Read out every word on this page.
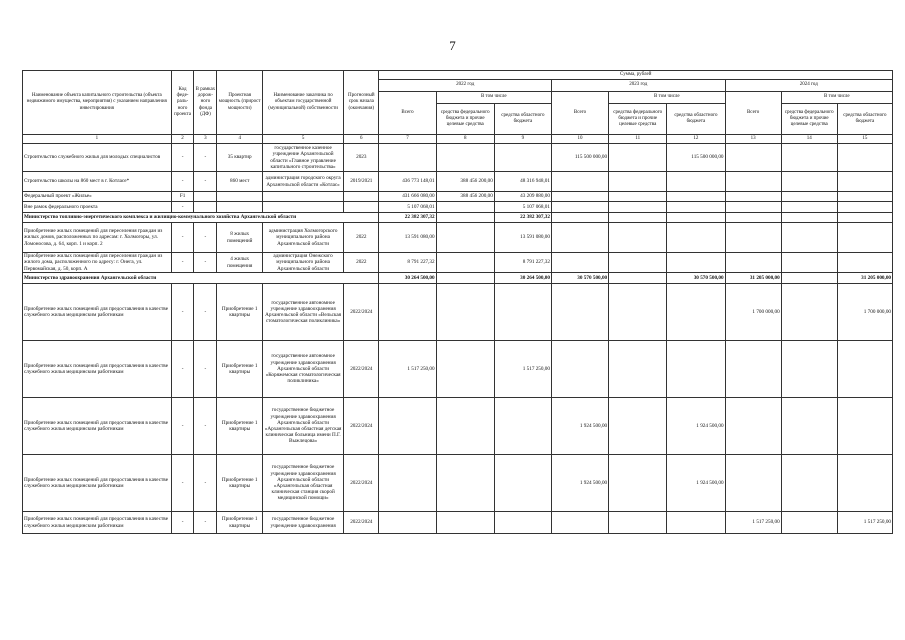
7
Наименование объекта капитального строительства (объекта недвижимого имущества, мероприятия) с указанием направления инвестирования	Код феде-раль-ного проекта	В рамках дорож-ного фонда (ДФ)	Проектная мощность (прирост мощности)	Наименование заказчика по объектам государственной (муниципальной) собственности	Прогнозный срок начала (окончания)	Сумма, рублей								
						2022 год			2023 год			2024 год		
						Всего	В том числе		Всего	В том числе		Всего	В том числе	
							средства федерального бюджета и прочие целевые средства	средства областного бюджета		средства федерального бюджета и прочие целевые средства	средства областного бюджета		средства федерального бюджета и прочие целевые средства	средства областного бюджета
1	2	3	4	5	6	7	8	9	10	11	12	13	14	15
Строительство служебного жилья для молодых специалистов	-	-	35 квартир	государственное казенное учреждение Архангельской области «Главное управление капитального строительства»	2023				115 500 000,00		115 500 000,00			
Строительство школы на 860 мест в г. Котласе*	-	-	860 мест	администрация городского округа Архангельской области «Котлас»	2019/2021	436 773 148,01	388 456 200,00	48 316 948,01						
Федеральный проект «Жилье»	F1					431 666 080,00	388 456 200,00	43 209 880,00						
Вне рамок федерального проекта	-					5 107 068,01		5 107 068,01						
Министерство топливно-энергетического комплекса и жилищно-коммунального хозяйства Архангельской области						22 382 307,32		22 382 307,32						
Приобретение жилых помещений для переселения граждан из жилых домов, расположенных по адресам: г. Холмогоры, ул. Ломоносова, д. 64, корп. 1 и корп. 2	-	-	8 жилых помещений	администрация Холмогорского муниципального района Архангельской области	2022	13 591 080,00		13 591 080,00						
Приобретение жилых помещений для переселения граждан из жилого дома, расположенного по адресу: г. Онега, ул. Первомайская, д. 50, корп. А	-	-	4 жилых помещения	администрация Онежского муниципального района Архангельской области	2022	8 791 227,32		8 791 227,32						
Министерство здравоохранения Архангельской области						30 264 500,00		30 264 500,00	30 570 500,00		30 570 500,00	31 205 000,00		31 205 000,00
Приобретение жилых помещений для предоставления в качестве служебного жилья медицинским работникам	-	-	Приобретение 1 квартиры	государственное автономное учреждение здравоохранения Архангельской области «Вельская стоматологическая поликлиника»	2022/2024							1 700 000,00		1 700 000,00
Приобретение жилых помещений для предоставления в качестве служебного жилья медицинским работникам	-	-	Приобретение 1 квартиры	государственное автономное учреждение здравоохранения Архангельской области «Коряжемская стоматологическая поликлиника»	2022/2024	1 517 250,00		1 517 250,00						
Приобретение жилых помещений для предоставления в качестве служебного жилья медицинским работникам	-	-	Приобретение 1 квартиры	государственное бюджетное учреждение здравоохранения Архангельской области «Архангельская областная детская клиническая больница имени П.Г. Выжлецова»	2022/2024				1 924 500,00		1 924 500,00			
Приобретение жилых помещений для предоставления в качестве служебного жилья медицинским работникам	-	-	Приобретение 1 квартиры	государственное бюджетное учреждение здравоохранения Архангельской области «Архангельская областная клиническая станция скорой медицинской помощи»	2022/2024				1 924 500,00		1 924 500,00			
Приобретение жилых помещений для предоставления в качестве служебного жилья медицинским работникам	-	-	Приобретение 1 квартиры	государственное бюджетное учреждение здравоохранения	2022/2024							1 517 250,00		1 517 250,00
